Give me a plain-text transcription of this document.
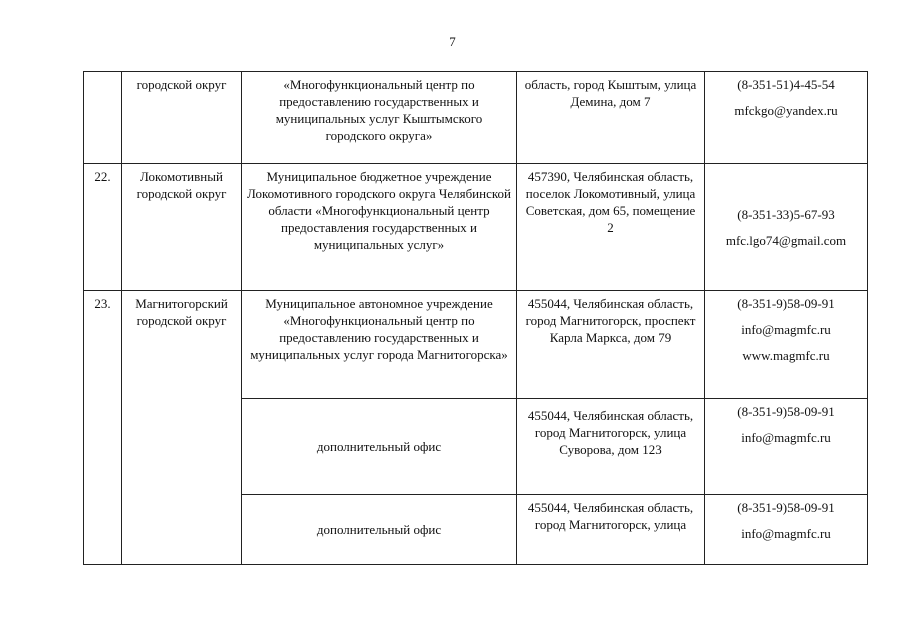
7
	городской округ	«Многофункциональный центр по предоставлению государственных и муниципальных услуг Кыштымского городского округа»	область, город Кыштым, улица Демина, дом 7	(8-351-51)4-45-54
mfckgo@yandex.ru

22.	Локомотивный городской округ	Муниципальное бюджетное учреждение Локомотивного городского округа Челябинской области «Многофункциональный центр предоставления государственных и муниципальных услуг»	457390, Челябинская область, поселок Локомотивный, улица Советская, дом 65, помещение 2	(8-351-33)5-67-93
mfc.lgo74@gmail.com

23.	Магнитогорский городской округ	Муниципальное автономное учреждение «Многофункциональный центр по предоставлению государственных и муниципальных услуг города Магнитогорска»	455044, Челябинская область, город Магнитогорск, проспект Карла Маркса, дом 79	(8-351-9)58-09-91
info@magmfc.ru
www.magmfc.ru

		дополнительный офис	455044, Челябинская область, город Магнитогорск, улица Суворова, дом 123	(8-351-9)58-09-91
info@magmfc.ru

		дополнительный офис	455044, Челябинская область, город Магнитогорск, улица	(8-351-9)58-09-91
info@magmfc.ru
